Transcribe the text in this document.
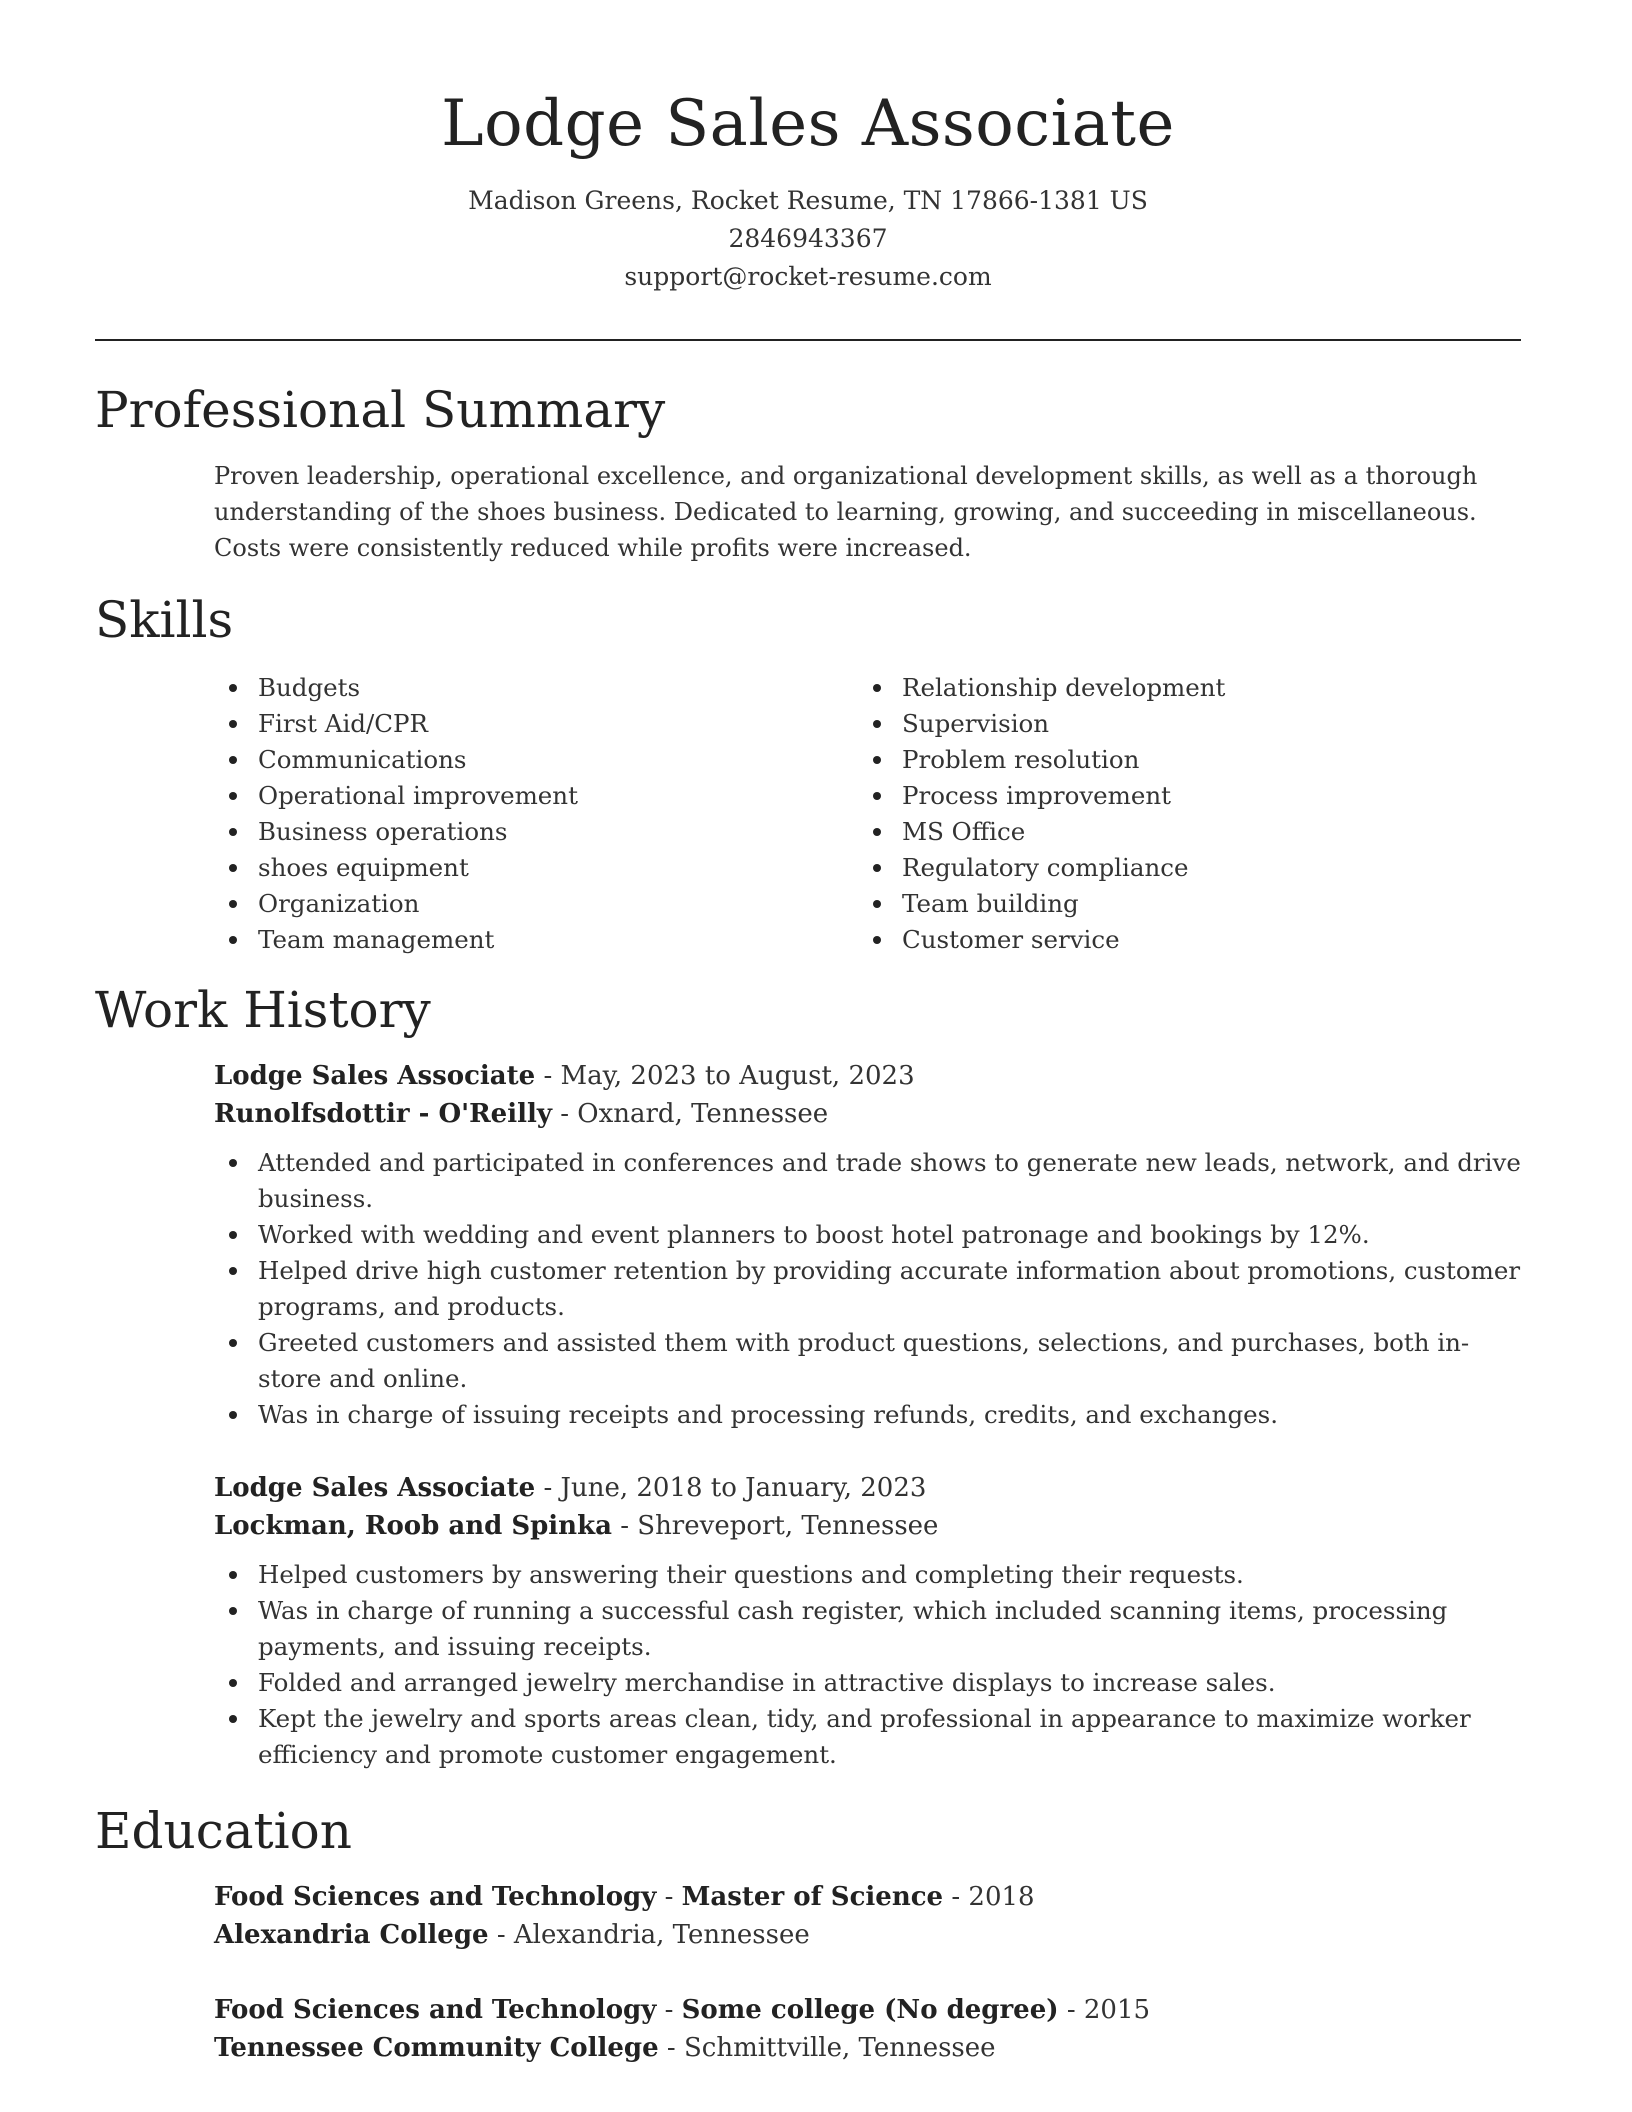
Lodge Sales Associate
Madison Greens, Rocket Resume, TN 17866-1381 US
2846943367
support@rocket-resume.com
Professional Summary

Proven leadership, operational excellence, and organizational development skills, as well as a thorough understanding of the shoes business. Dedicated to learning, growing, and succeeding in miscellaneous. Costs were consistently reduced while profits were increased.

Skills
Budgets
First Aid/CPR
Communications
Operational improvement
Business operations
shoes equipment
Organization
Team management
Relationship development
Supervision
Problem resolution
Process improvement
MS Office
Regulatory compliance
Team building
Customer service
Work History
Lodge Sales Associate - May, 2023 to August, 2023
Runolfsdottir - O'Reilly - Oxnard, Tennessee
Attended and participated in conferences and trade shows to generate new leads, network, and drive business.
Worked with wedding and event planners to boost hotel patronage and bookings by 12%.
Helped drive high customer retention by providing accurate information about promotions, customer programs, and products.
Greeted customers and assisted them with product questions, selections, and purchases, both in-store and online.
Was in charge of issuing receipts and processing refunds, credits, and exchanges.
Lodge Sales Associate - June, 2018 to January, 2023
Lockman, Roob and Spinka - Shreveport, Tennessee
Helped customers by answering their questions and completing their requests.
Was in charge of running a successful cash register, which included scanning items, processing payments, and issuing receipts.
Folded and arranged jewelry merchandise in attractive displays to increase sales.
Kept the jewelry and sports areas clean, tidy, and professional in appearance to maximize worker efficiency and promote customer engagement.
Education
Food Sciences and Technology - Master of Science - 2018
Alexandria College - Alexandria, Tennessee
Food Sciences and Technology - Some college (No degree) - 2015
Tennessee Community College - Schmittville, Tennessee
